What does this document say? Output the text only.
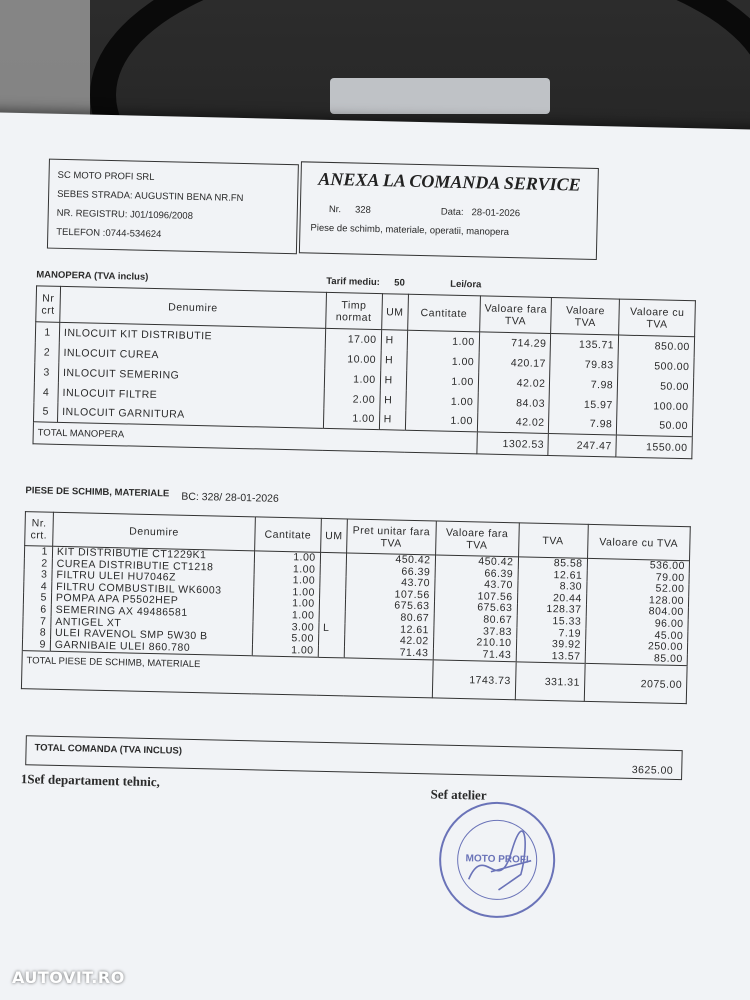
SC MOTO PROFI SRL
SEBES STRADA: AUGUSTIN BENA NR.FN
NR. REGISTRU: J01/1096/2008
TELEFON :0744-534624
ANEXA LA COMANDA SERVICE
Nr. 328	Data: 28-01-2026
Piese de schimb, materiale, operatii, manopera
MANOPERA (TVA inclus)	Tarif mediu: 50	Lei/ora
Nr crt	Denumire	Timp normat	UM	Cantitate	Valoare fara TVA	Valoare TVA	Valoare cu TVA
1	INLOCUIT KIT DISTRIBUTIE	17.00	H	1.00	714.29	135.71	850.00
2	INLOCUIT CUREA	10.00	H	1.00	420.17	79.83	500.00
3	INLOCUIT SEMERING	1.00	H	1.00	42.02	7.98	50.00
4	INLOCUIT FILTRE	2.00	H	1.00	84.03	15.97	100.00
5	INLOCUIT GARNITURA	1.00	H	1.00	42.02	7.98	50.00
TOTAL MANOPERA					1302.53	247.47	1550.00
PIESE DE SCHIMB, MATERIALE BC: 328/ 28-01-2026
Nr. crt.	Denumire	Cantitate	UM	Pret unitar fara TVA	Valoare fara TVA	TVA	Valoare cu TVA
1	KIT DISTRIBUTIE CT1229K1	1.00		450.42	450.42	85.58	536.00
2	CUREA DISTRIBUTIE CT1218	1.00		66.39	66.39	12.61	79.00
3	FILTRU ULEI HU7046Z	1.00		43.70	43.70	8.30	52.00
4	FILTRU COMBUSTIBIL WK6003	1.00		107.56	107.56	20.44	128.00
5	POMPA APA P5502HEP	1.00		675.63	675.63	128.37	804.00
6	SEMERING AX 49486581	1.00		80.67	80.67	15.33	96.00
7	ANTIGEL XT	3.00	L	12.61	37.83	7.19	45.00
8	ULEI RAVENOL SMP 5W30 B	5.00		42.02	210.10	39.92	250.00
9	GARNIBAIE ULEI 860.780	1.00		71.43	71.43	13.57	85.00
TOTAL PIESE DE SCHIMB, MATERIALE					1743.73	331.31	2075.00
TOTAL COMANDA (TVA INCLUS)
3625.00
1Sef departament tehnic,
Sef atelier
MOTO PROFI
AUTOVIT.RO
